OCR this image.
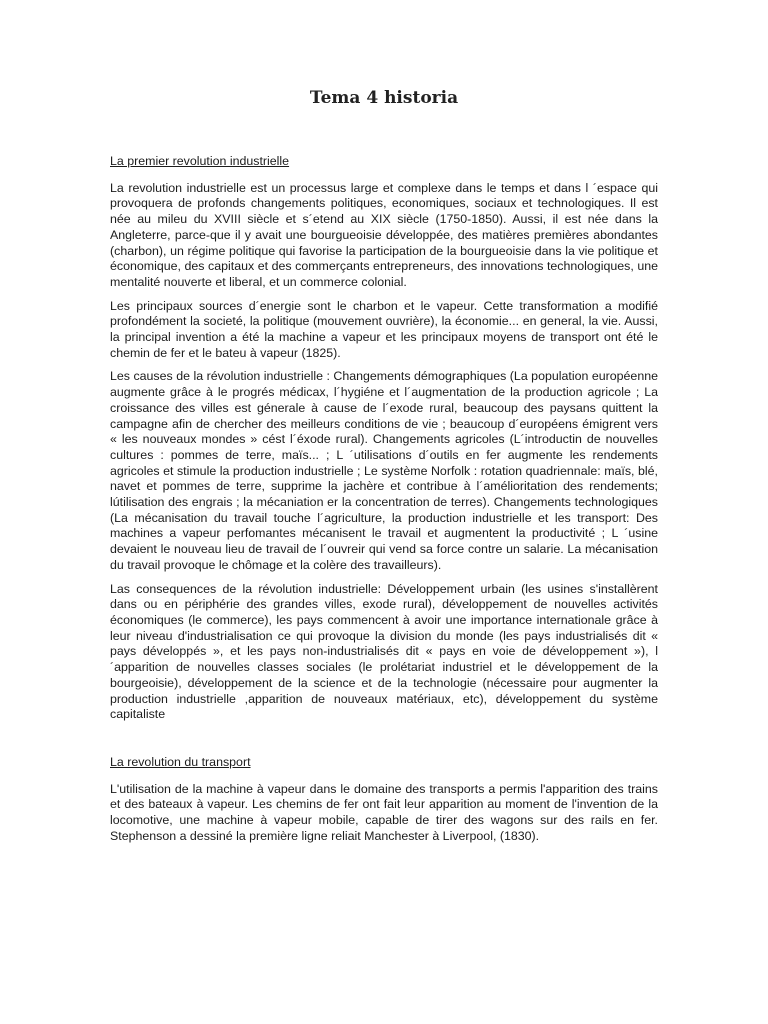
Tema 4 historia
La premier revolution industrielle

La revolution industrielle est un processus large et complexe dans le temps et dans l ´espace qui provoquera de profonds changements politiques, economiques, sociaux et technologiques. Il est née au mileu du XVIII siècle et s´etend au XIX siècle (1750-1850). Aussi, il est née dans la Angleterre, parce-que il y avait une bourgueoisie développée, des matières premières abondantes (charbon), un régime politique qui favorise la participation de la bourgueoisie dans la vie politique et économique, des capitaux et des commerçants entrepreneurs, des innovations technologiques, une mentalité nouverte et liberal, et un commerce colonial.

Les principaux sources d´energie sont le charbon et le vapeur. Cette transformation a modifié profondément la societé, la politique (mouvement ouvrière), la économie... en general, la vie. Aussi, la principal invention a été la machine a vapeur et les principaux moyens de transport ont été le chemin de fer et le bateu à vapeur (1825).

Les causes de la révolution industrielle : Changements démographiques (La population européenne augmente grâce à le progrés médicax, l´hygiéne et l´augmentation de la production agricole ; La croissance des villes est génerale à cause de l´exode rural, beaucoup des paysans quittent la campagne afin de chercher des meilleurs conditions de vie ; beaucoup d´européens émigrent vers « les nouveaux mondes » cést l´éxode rural). Changements agricoles (L´introductin de nouvelles cultures : pommes de terre, maïs... ; L ´utilisations d´outils en fer augmente les rendements agricoles et stimule la production industrielle ; Le système Norfolk : rotation quadriennale: maïs, blé, navet et pommes de terre, supprime la jachère et contribue à l´amélioritation des rendements; lútilisation des engrais ; la mécaniation er la concentration de terres). Changements technologiques (La mécanisation du travail touche l´agriculture, la production industrielle et les transport: Des machines a vapeur perfomantes mécanisent le travail et augmentent la productivité ; L ´usine devaient le nouveau lieu de travail de l´ouvreir qui vend sa force contre un salarie. La mécanisation du travail provoque le chômage et la colère des travailleurs).

Las consequences de la révolution industrielle: Développement urbain (les usines s'installèrent dans ou en périphérie des grandes villes, exode rural), développement de nouvelles activités économiques (le commerce), les pays commencent à avoir une importance internationale grâce à leur niveau d'industrialisation ce qui provoque la division du monde (les pays industrialisés dit « pays développés », et les pays non-industrialisés dit « pays en voie de développement »), l´apparition de nouvelles classes sociales (le prolétariat industriel et le développement de la bourgeoisie), développement de la science et de la technologie (nécessaire pour augmenter la production industrielle ,apparition de nouveaux matériaux, etc), développement du système capitaliste

La revolution du transport

L'utilisation de la machine à vapeur dans le domaine des transports a permis l'apparition des trains et des bateaux à vapeur. Les chemins de fer ont fait leur apparition au moment de l'invention de la locomotive, une machine à vapeur mobile, capable de tirer des wagons sur des rails en fer. Stephenson a dessiné la première ligne reliait Manchester à Liverpool, (1830).
